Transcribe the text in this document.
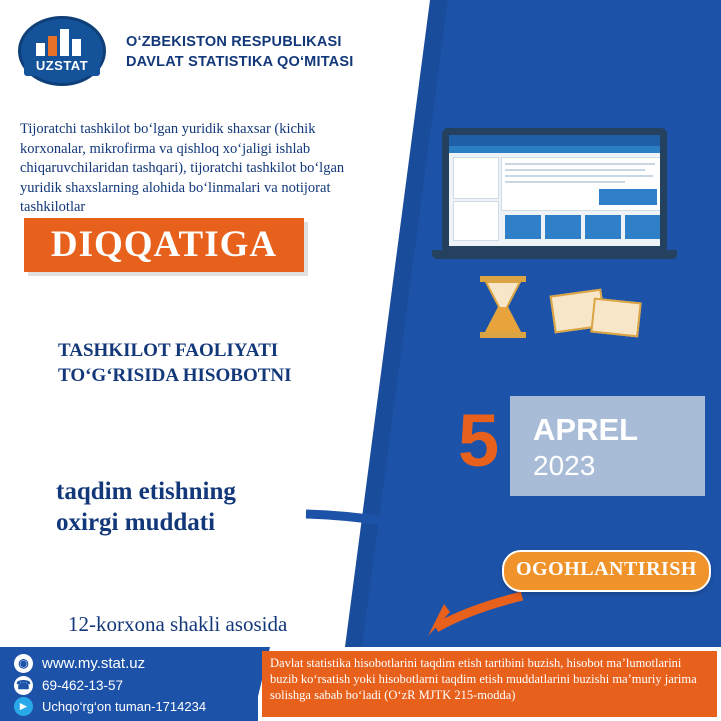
UZSTAT
O‘ZBEKISTON RESPUBLIKASI
DAVLAT STATISTIKA QO‘MITASI
Tijoratchi tashkilot bo‘lgan yuridik shaxsar (kichik korxonalar, mikrofirma va qishloq xo‘jaligi ishlab chiqaruvchilaridan tashqari), tijoratchi tashkilot bo‘lgan yuridik shaxslarning alohida bo‘linmalari va notijorat tashkilotlar
DIQQATIGA
TASHKILOT FAOLIYATI
TO‘G‘RISIDA HISOBOTNI
taqdim etishning
oxirgi muddati
5 APREL
2023
OGOHLANTIRISH
12-korxona shakli asosida
◉ www.my.stat.uz
☎ 69-462-13-57
► Uchqo‘rg‘on tuman-1714234
Davlat statistika hisobotlarini taqdim etish tartibini buzish, hisobot ma’lumotlarini buzib ko‘rsatish yoki hisobotlarni taqdim etish muddatlarini buzishi ma’muriy jarima solishga sabab bo‘ladi (O‘zR MJTK 215-modda)
